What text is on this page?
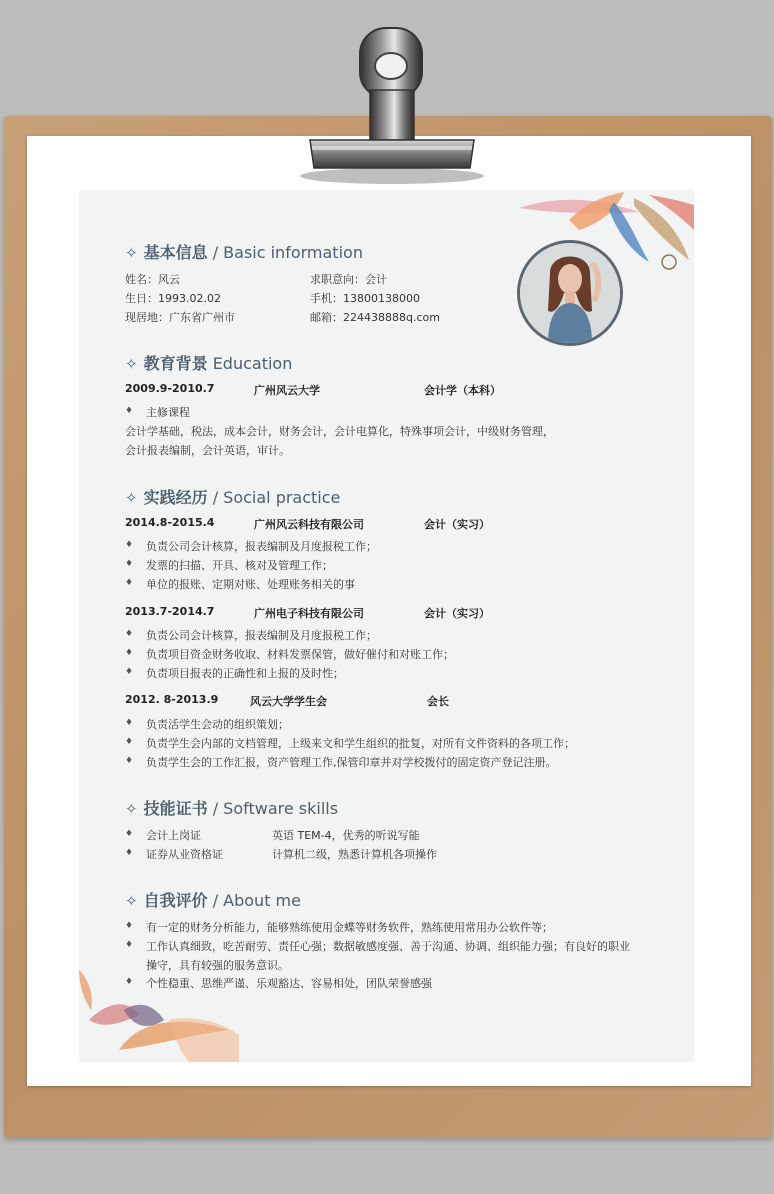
✧ 基本信息 / Basic information
姓名：风云	求职意向：会计
生日：1993.02.02	手机：13800138000
现居地：广东省广州市	邮箱：224438888q.com
✧ 教育背景 Education
2009.9-2010.7	广州风云大学	会计学（本科）
♦ 主修课程
会计学基础，税法，成本会计，财务会计，会计电算化，特殊事项会计，中级财务管理，
会计报表编制，会计英语，审计。
✧ 实践经历 / Social practice
2014.8-2015.4	广州风云科技有限公司	会计（实习）
♦ 负责公司会计核算，报表编制及月度报税工作；
♦ 发票的扫描、开具、核对及管理工作；
♦ 单位的报账、定期对账、处理账务相关的事
2013.7-2014.7	广州电子科技有限公司	会计（实习）
♦ 负责公司会计核算，报表编制及月度报税工作；
♦ 负责项目资金财务收取、材料发票保管，做好催付和对账工作；
♦ 负责项目报表的正确性和上报的及时性；
2012. 8-2013.9	风云大学学生会	会长
♦ 负责活学生会动的组织策划；
♦ 负责学生会内部的文档管理，上级来文和学生组织的批复，对所有文件资料的各项工作；
♦ 负责学生会的工作汇报，资产管理工作,保管印章并对学校拨付的固定资产登记注册。
✧ 技能证书 / Software skills
♦ 会计上岗证	英语 TEM-4，优秀的听说写能
♦ 证券从业资格证	计算机二级，熟悉计算机各项操作
✧ 自我评价 / About me
♦ 有一定的财务分析能力，能够熟练使用金蝶等财务软件，熟练使用常用办公软件等；
♦ 工作认真细致，吃苦耐劳、责任心强；数据敏感度强、善于沟通、协调、组织能力强；有良好的职业
操守，具有较强的服务意识。
♦ 个性稳重、思维严谨、乐观豁达、容易相处，团队荣誉感强
